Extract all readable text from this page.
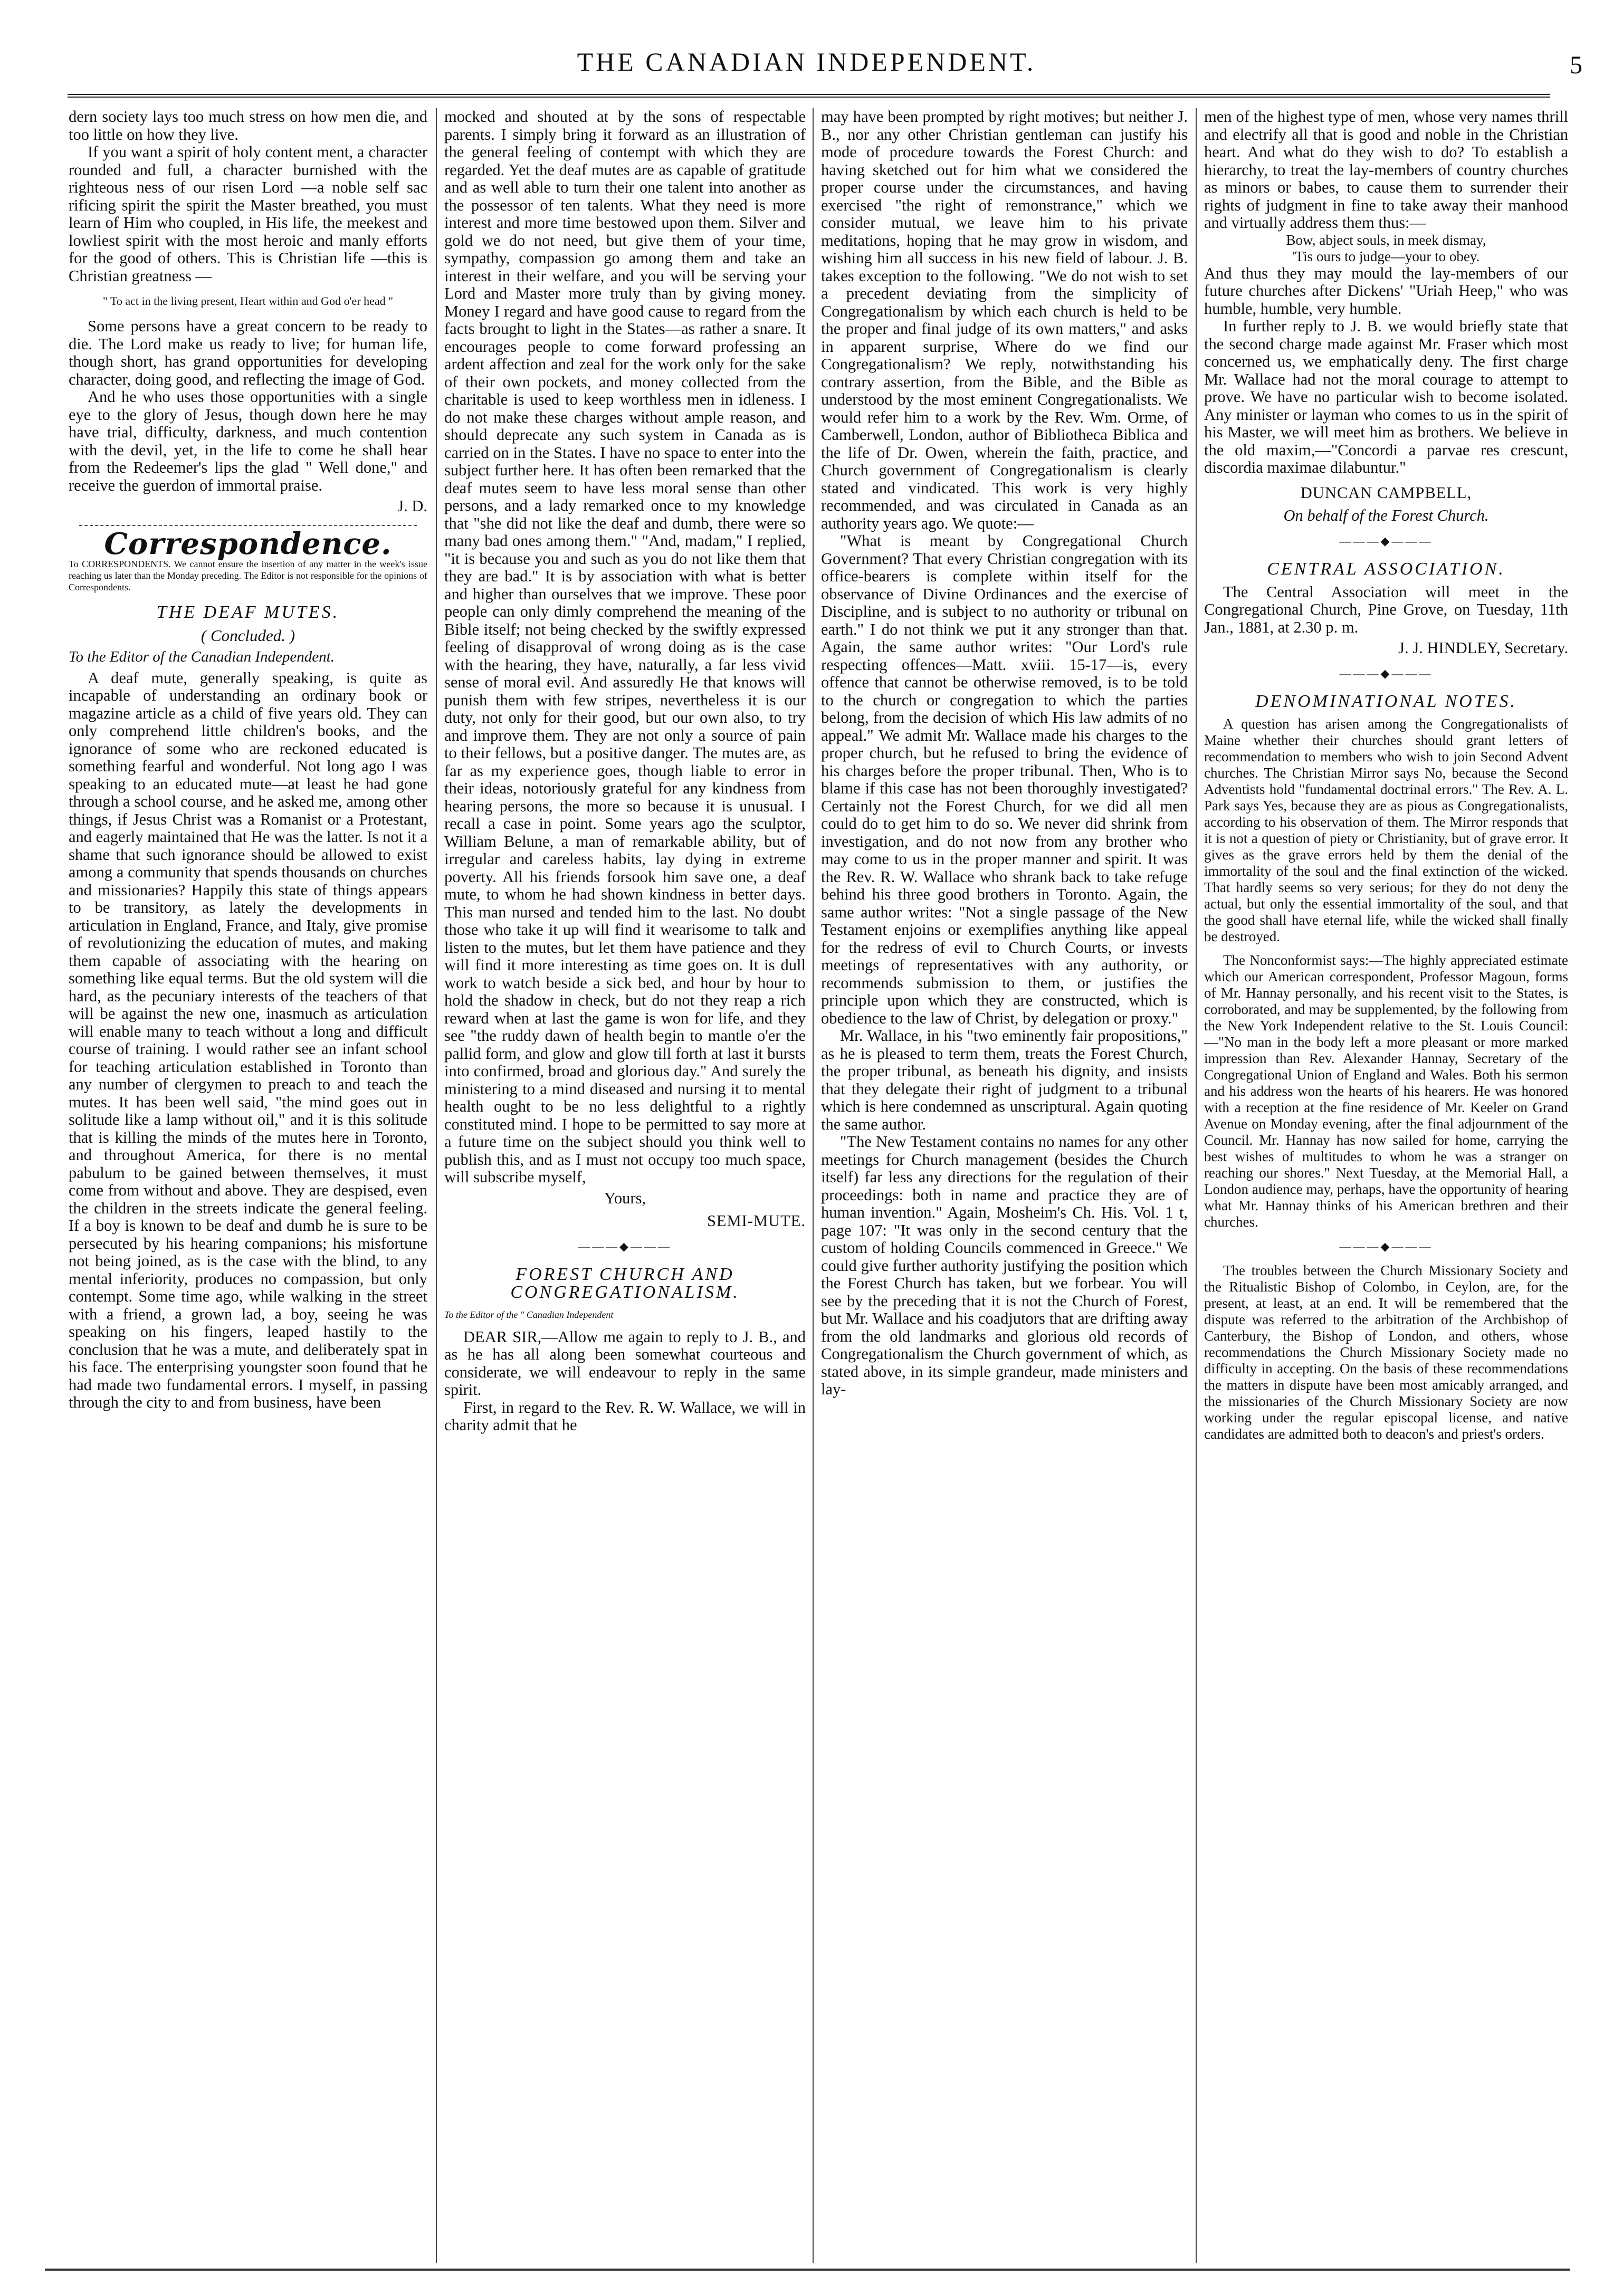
THE CANADIAN INDEPENDENT.	5

dern society lays too much stress on how men die, and too little on how they live.

If you want a spirit of holy content ment, a character rounded and full, a character burnished with the righteous ness of our risen Lord —a noble self sac rificing spirit the spirit the Master breathed, you must learn of Him who coupled, in His life, the meekest and lowliest spirit with the most heroic and manly efforts for the good of others. This is Christian life —this is Christian greatness —

" To act in the living present, Heart within and God o'er head "

Some persons have a great concern to be ready to die. The Lord make us ready to live; for human life, though short, has grand opportunities for developing character, doing good, and reflecting the image of God.

And he who uses those opportunities with a single eye to the glory of Jesus, though down here he may have trial, difficulty, darkness, and much contention with the devil, yet, in the life to come he shall hear from the Redeemer's lips the glad " Well done," and receive the guerdon of immortal praise.

J. D.
Correspondence.

To CORRESPONDENTS. We cannot ensure the insertion of any matter in the week's issue reaching us later than the Monday preceding. The Editor is not responsible for the opinions of Correspondents.

THE DEAF MUTES.
( Concluded. )

To the Editor of the Canadian Independent.

A deaf mute, generally speaking, is quite as incapable of understanding an ordinary book or magazine article as a child of five years old. They can only comprehend little children's books, and the ignorance of some who are reckoned educated is something fearful and wonderful. Not long ago I was speaking to an educated mute—at least he had gone through a school course, and he asked me, among other things, if Jesus Christ was a Romanist or a Protestant, and eagerly maintained that He was the latter. Is not it a shame that such ignorance should be allowed to exist among a community that spends thousands on churches and missionaries? Happily this state of things appears to be transitory, as lately the developments in articulation in England, France, and Italy, give promise of revolutionizing the education of mutes, and making them capable of associating with the hearing on something like equal terms. But the old system will die hard, as the pecuniary interests of the teachers of that will be against the new one, inasmuch as articulation will enable many to teach without a long and difficult course of training. I would rather see an infant school for teaching articulation established in Toronto than any number of clergymen to preach to and teach the mutes. It has been well said, "the mind goes out in solitude like a lamp without oil," and it is this solitude that is killing the minds of the mutes here in Toronto, and throughout America, for there is no mental pabulum to be gained between themselves, it must come from without and above. They are despised, even the children in the streets indicate the general feeling. If a boy is known to be deaf and dumb he is sure to be persecuted by his hearing companions; his misfortune not being joined, as is the case with the blind, to any mental inferiority, produces no compassion, but only contempt. Some time ago, while walking in the street with a friend, a grown lad, a boy, seeing he was speaking on his fingers, leaped hastily to the conclusion that he was a mute, and deliberately spat in his face. The enterprising youngster soon found that he had made two fundamental errors. I myself, in passing through the city to and from business, have been

mocked and shouted at by the sons of respectable parents. I simply bring it forward as an illustration of the general feeling of contempt with which they are regarded. Yet the deaf mutes are as capable of gratitude and as well able to turn their one talent into another as the possessor of ten talents. What they need is more interest and more time bestowed upon them. Silver and gold we do not need, but give them of your time, sympathy, compassion go among them and take an interest in their welfare, and you will be serving your Lord and Master more truly than by giving money. Money I regard and have good cause to regard from the facts brought to light in the States—as rather a snare. It encourages people to come forward professing an ardent affection and zeal for the work only for the sake of their own pockets, and money collected from the charitable is used to keep worthless men in idleness. I do not make these charges without ample reason, and should deprecate any such system in Canada as is carried on in the States. I have no space to enter into the subject further here. It has often been remarked that the deaf mutes seem to have less moral sense than other persons, and a lady remarked once to my knowledge that "she did not like the deaf and dumb, there were so many bad ones among them." "And, madam," I replied, "it is because you and such as you do not like them that they are bad." It is by association with what is better and higher than ourselves that we improve. These poor people can only dimly comprehend the meaning of the Bible itself; not being checked by the swiftly expressed feeling of disapproval of wrong doing as is the case with the hearing, they have, naturally, a far less vivid sense of moral evil. And assuredly He that knows will punish them with few stripes, nevertheless it is our duty, not only for their good, but our own also, to try and improve them. They are not only a source of pain to their fellows, but a positive danger. The mutes are, as far as my experience goes, though liable to error in their ideas, notoriously grateful for any kindness from hearing persons, the more so because it is unusual. I recall a case in point. Some years ago the sculptor, William Belune, a man of remarkable ability, but of irregular and careless habits, lay dying in extreme poverty. All his friends forsook him save one, a deaf mute, to whom he had shown kindness in better days. This man nursed and tended him to the last. No doubt those who take it up will find it wearisome to talk and listen to the mutes, but let them have patience and they will find it more interesting as time goes on. It is dull work to watch beside a sick bed, and hour by hour to hold the shadow in check, but do not they reap a rich reward when at last the game is won for life, and they see "the ruddy dawn of health begin to mantle o'er the pallid form, and glow and glow till forth at last it bursts into confirmed, broad and glorious day." And surely the ministering to a mind diseased and nursing it to mental health ought to be no less delightful to a rightly constituted mind. I hope to be permitted to say more at a future time on the subject should you think well to publish this, and as I must not occupy too much space, will subscribe myself,

Yours,
SEMI-MUTE.
———◆———
FOREST CHURCH AND CONGREGATIONALISM.

To the Editor of the " Canadian Independent

DEAR SIR,—Allow me again to reply to J. B., and as he has all along been somewhat courteous and considerate, we will endeavour to reply in the same spirit.

First, in regard to the Rev. R. W. Wallace, we will in charity admit that he

may have been prompted by right motives; but neither J. B., nor any other Christian gentleman can justify his mode of procedure towards the Forest Church: and having sketched out for him what we considered the proper course under the circumstances, and having exercised "the right of remonstrance," which we consider mutual, we leave him to his private meditations, hoping that he may grow in wisdom, and wishing him all success in his new field of labour. J. B. takes exception to the following. "We do not wish to set a precedent deviating from the simplicity of Congregationalism by which each church is held to be the proper and final judge of its own matters," and asks in apparent surprise, Where do we find our Congregationalism? We reply, notwithstanding his contrary assertion, from the Bible, and the Bible as understood by the most eminent Congregationalists. We would refer him to a work by the Rev. Wm. Orme, of Camberwell, London, author of Bibliotheca Biblica and the life of Dr. Owen, wherein the faith, practice, and Church government of Congregationalism is clearly stated and vindicated. This work is very highly recommended, and was circulated in Canada as an authority years ago. We quote:—

"What is meant by Congregational Church Government? That every Christian congregation with its office-bearers is complete within itself for the observance of Divine Ordinances and the exercise of Discipline, and is subject to no authority or tribunal on earth." I do not think we put it any stronger than that. Again, the same author writes: "Our Lord's rule respecting offences—Matt. xviii. 15-17—is, every offence that cannot be otherwise removed, is to be told to the church or congregation to which the parties belong, from the decision of which His law admits of no appeal." We admit Mr. Wallace made his charges to the proper church, but he refused to bring the evidence of his charges before the proper tribunal. Then, Who is to blame if this case has not been thoroughly investigated? Certainly not the Forest Church, for we did all men could do to get him to do so. We never did shrink from investigation, and do not now from any brother who may come to us in the proper manner and spirit. It was the Rev. R. W. Wallace who shrank back to take refuge behind his three good brothers in Toronto. Again, the same author writes: "Not a single passage of the New Testament enjoins or exemplifies anything like appeal for the redress of evil to Church Courts, or invests meetings of representatives with any authority, or recommends submission to them, or justifies the principle upon which they are constructed, which is obedience to the law of Christ, by delegation or proxy."

Mr. Wallace, in his "two eminently fair propositions," as he is pleased to term them, treats the Forest Church, the proper tribunal, as beneath his dignity, and insists that they delegate their right of judgment to a tribunal which is here condemned as unscriptural. Again quoting the same author.

"The New Testament contains no names for any other meetings for Church management (besides the Church itself) far less any directions for the regulation of their proceedings: both in name and practice they are of human invention." Again, Mosheim's Ch. His. Vol. 1 t, page 107: "It was only in the second century that the custom of holding Councils commenced in Greece." We could give further authority justifying the position which the Forest Church has taken, but we forbear. You will see by the preceding that it is not the Church of Forest, but Mr. Wallace and his coadjutors that are drifting away from the old landmarks and glorious old records of Congregationalism the Church government of which, as stated above, in its simple grandeur, made ministers and lay-

men of the highest type of men, whose very names thrill and electrify all that is good and noble in the Christian heart. And what do they wish to do? To establish a hierarchy, to treat the lay-members of country churches as minors or babes, to cause them to surrender their rights of judgment in fine to take away their manhood and virtually address them thus:—

Bow, abject souls, in meek dismay,

'Tis ours to judge—your to obey.

And thus they may mould the lay-members of our future churches after Dickens' "Uriah Heep," who was humble, humble, very humble.

In further reply to J. B. we would briefly state that the second charge made against Mr. Fraser which most concerned us, we emphatically deny. The first charge Mr. Wallace had not the moral courage to attempt to prove. We have no particular wish to become isolated. Any minister or layman who comes to us in the spirit of his Master, we will meet him as brothers. We believe in the old maxim,—"Concordi a parvae res crescunt, discordia maximae dilabuntur."

DUNCAN CAMPBELL,
On behalf of the Forest Church.
———◆———
CENTRAL ASSOCIATION.

The Central Association will meet in the Congregational Church, Pine Grove, on Tuesday, 11th Jan., 1881, at 2.30 p. m.

J. J. HINDLEY, Secretary.
———◆———
DENOMINATIONAL NOTES.

A question has arisen among the Congregationalists of Maine whether their churches should grant letters of recommendation to members who wish to join Second Advent churches. The Christian Mirror says No, because the Second Adventists hold "fundamental doctrinal errors." The Rev. A. L. Park says Yes, because they are as pious as Congregationalists, according to his observation of them. The Mirror responds that it is not a question of piety or Christianity, but of grave error. It gives as the grave errors held by them the denial of the immortality of the soul and the final extinction of the wicked. That hardly seems so very serious; for they do not deny the actual, but only the essential immortality of the soul, and that the good shall have eternal life, while the wicked shall finally be destroyed.

The Nonconformist says:—The highly appreciated estimate which our American correspondent, Professor Magoun, forms of Mr. Hannay personally, and his recent visit to the States, is corroborated, and may be supplemented, by the following from the New York Independent relative to the St. Louis Council:—"No man in the body left a more pleasant or more marked impression than Rev. Alexander Hannay, Secretary of the Congregational Union of England and Wales. Both his sermon and his address won the hearts of his hearers. He was honored with a reception at the fine residence of Mr. Keeler on Grand Avenue on Monday evening, after the final adjournment of the Council. Mr. Hannay has now sailed for home, carrying the best wishes of multitudes to whom he was a stranger on reaching our shores." Next Tuesday, at the Memorial Hall, a London audience may, perhaps, have the opportunity of hearing what Mr. Hannay thinks of his American brethren and their churches.

———◆———

The troubles between the Church Missionary Society and the Ritualistic Bishop of Colombo, in Ceylon, are, for the present, at least, at an end. It will be remembered that the dispute was referred to the arbitration of the Archbishop of Canterbury, the Bishop of London, and others, whose recommendations the Church Missionary Society made no difficulty in accepting. On the basis of these recommendations the matters in dispute have been most amicably arranged, and the missionaries of the Church Missionary Society are now working under the regular episcopal license, and native candidates are admitted both to deacon's and priest's orders.
